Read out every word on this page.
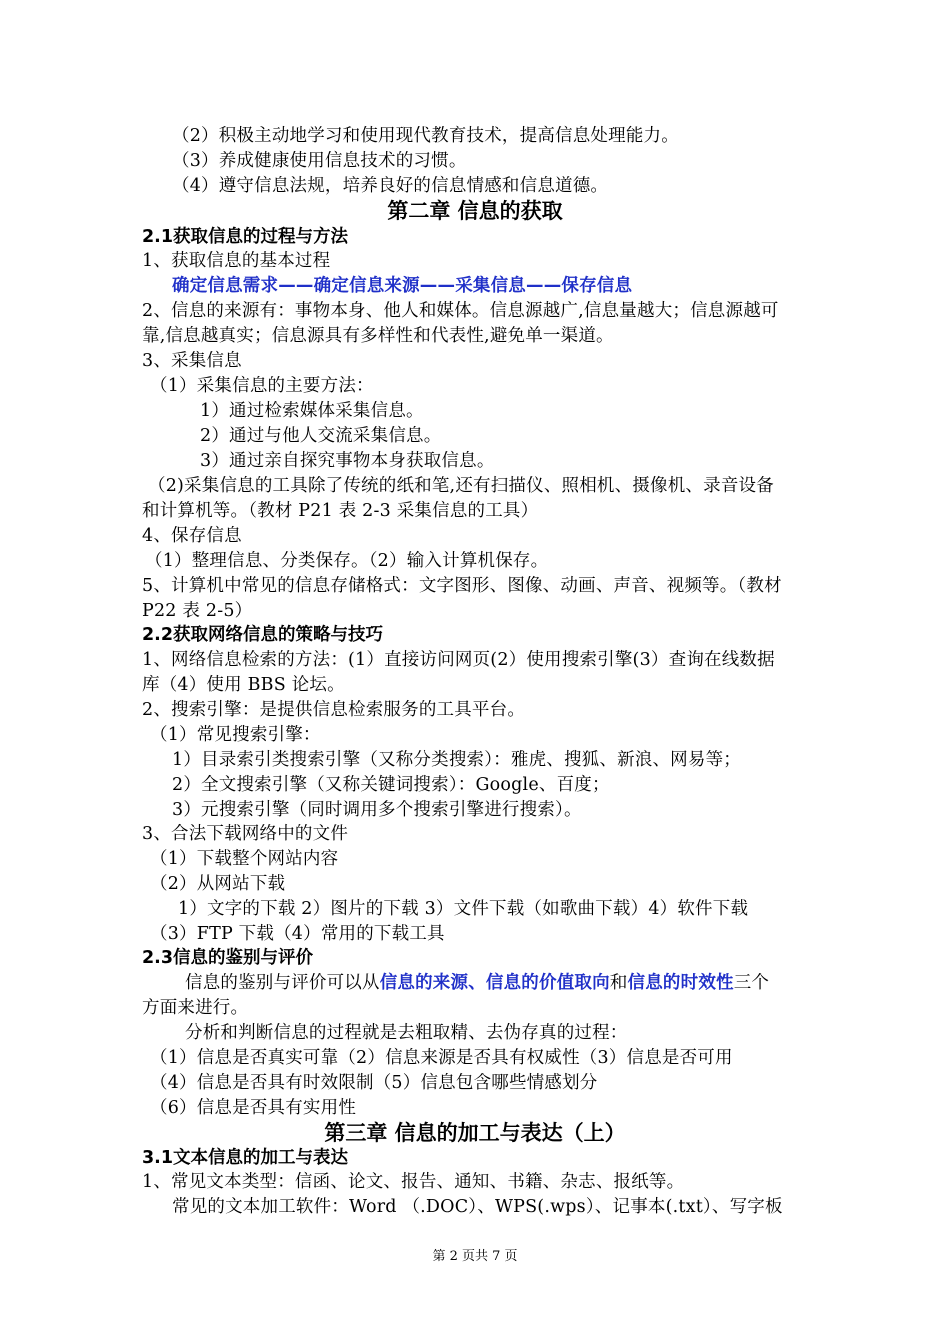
（2）积极主动地学习和使用现代教育技术，提高信息处理能力。
（3）养成健康使用信息技术的习惯。
（4）遵守信息法规，培养良好的信息情感和信息道德。
第二章 信息的获取
2.1获取信息的过程与方法
1、获取信息的基本过程
确定信息需求——确定信息来源——采集信息——保存信息
2、信息的来源有：事物本身、他人和媒体。信息源越广,信息量越大；信息源越可
靠,信息越真实；信息源具有多样性和代表性,避免单一渠道。
3、采集信息
（1）采集信息的主要方法：
1）通过检索媒体采集信息。
2）通过与他人交流采集信息。
3）通过亲自探究事物本身获取信息。
（2)采集信息的工具除了传统的纸和笔,还有扫描仪、照相机、摄像机、录音设备
和计算机等。（教材 P21 表 2-3 采集信息的工具）
4、保存信息
（1）整理信息、分类保存。（2）输入计算机保存。
5、计算机中常见的信息存储格式：文字图形、图像、动画、声音、视频等。（教材
P22 表 2-5）
2.2获取网络信息的策略与技巧
1、网络信息检索的方法：(1）直接访问网页(2）使用搜索引擎(3）查询在线数据
库（4）使用 BBS 论坛。
2、搜索引擎：是提供信息检索服务的工具平台。
（1）常见搜索引擎：
1）目录索引类搜索引擎（又称分类搜索）：雅虎、搜狐、新浪、网易等；
2）全文搜索引擎（又称关键词搜索）：Google、百度；
3）元搜索引擎（同时调用多个搜索引擎进行搜索）。
3、合法下载网络中的文件
（1）下载整个网站内容
（2）从网站下载
1）文字的下载 2）图片的下载 3）文件下载（如歌曲下载）4）软件下载
（3）FTP 下载（4）常用的下载工具
2.3信息的鉴别与评价
信息的鉴别与评价可以从信息的来源、信息的价值取向和信息的时效性三个
方面来进行。
分析和判断信息的过程就是去粗取精、去伪存真的过程：
（1）信息是否真实可靠（2）信息来源是否具有权威性（3）信息是否可用
（4）信息是否具有时效限制（5）信息包含哪些情感划分
（6）信息是否具有实用性
第三章 信息的加工与表达（上）
3.1文本信息的加工与表达
1、常见文本类型：信函、论文、报告、通知、书籍、杂志、报纸等。
常见的文本加工软件：Word （.DOC）、WPS(.wps）、记事本(.txt）、写字板
第 2 页共 7 页
